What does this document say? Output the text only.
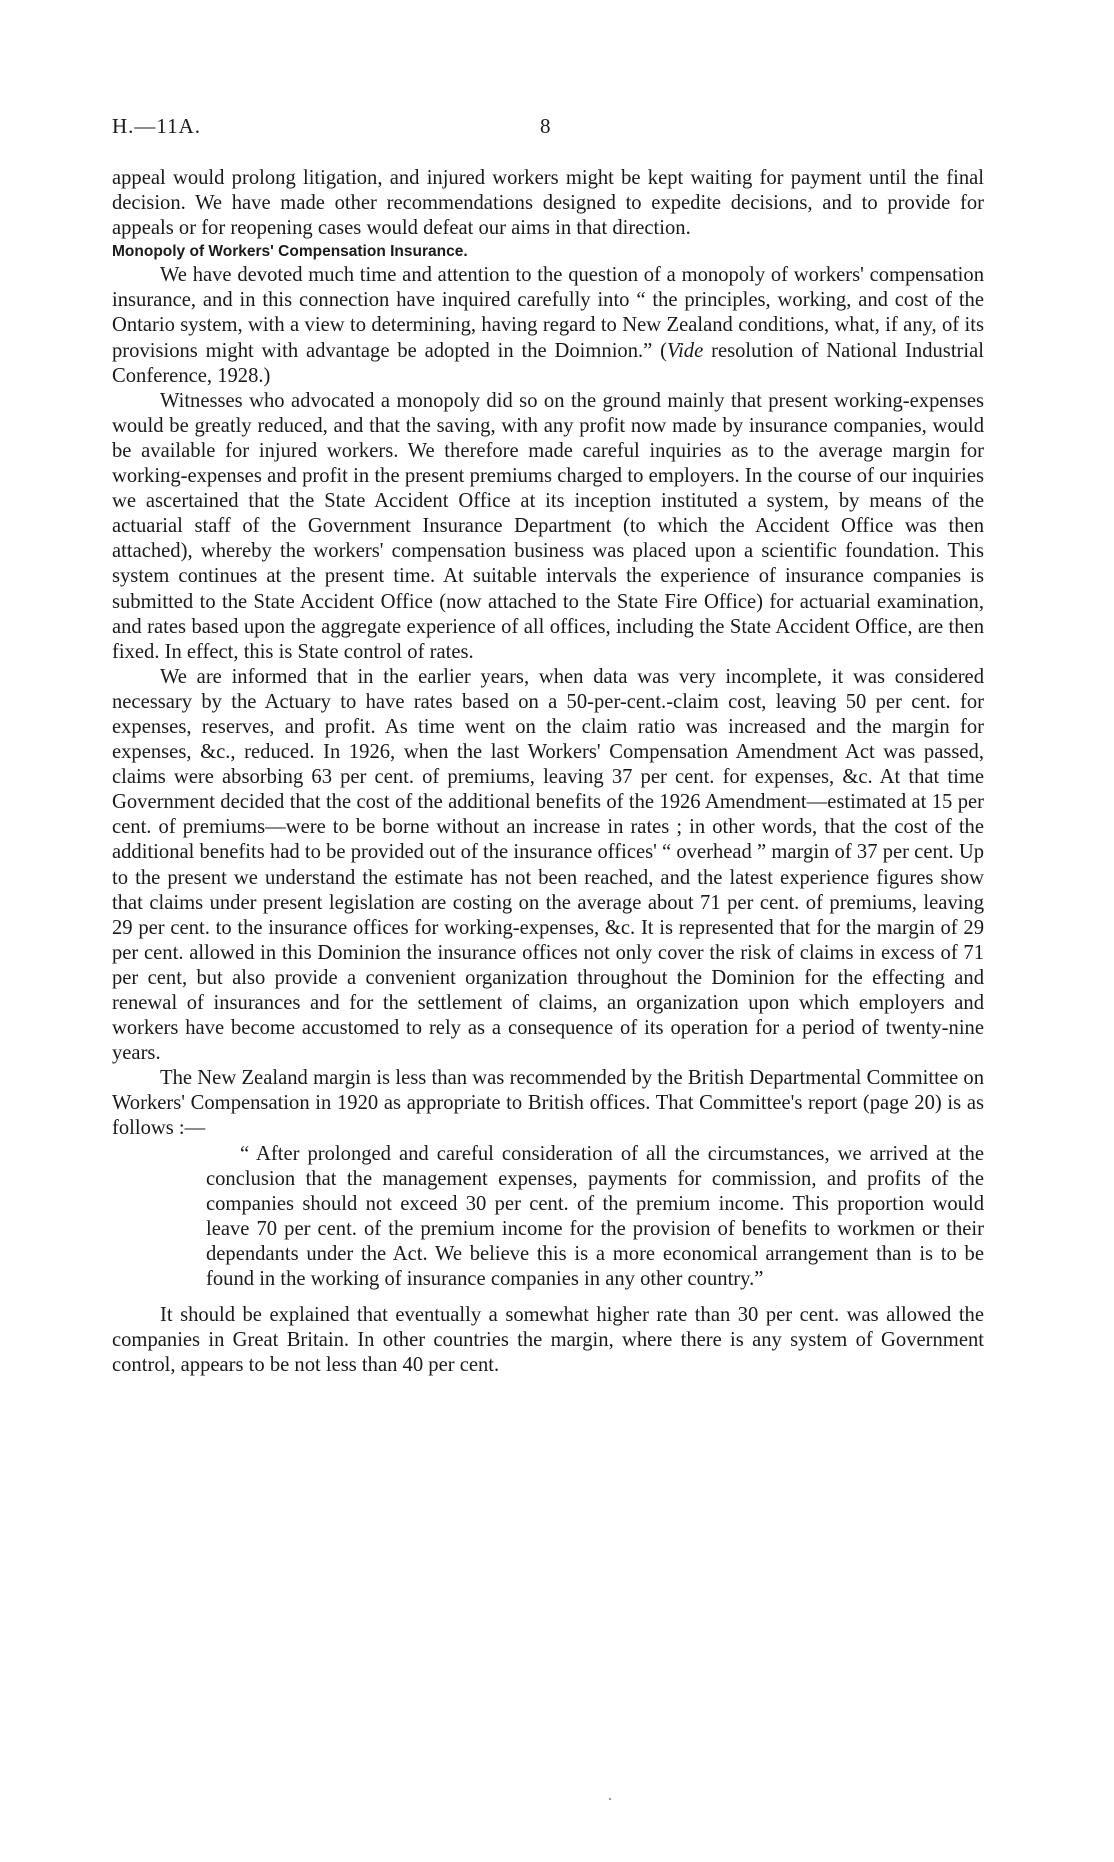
H.—11A.	8

appeal would prolong litigation, and injured workers might be kept waiting for payment until the final decision. We have made other recommendations designed to expedite decisions, and to provide for appeals or for reopening cases would defeat our aims in that direction.

Monopoly of Workers' Compensation Insurance.

We have devoted much time and attention to the question of a monopoly of workers' compensation insurance, and in this connection have inquired carefully into “ the principles, working, and cost of the Ontario system, with a view to determining, having regard to New Zealand conditions, what, if any, of its provisions might with advantage be adopted in the Doimnion.” (Vide resolution of National Industrial Conference, 1928.)

Witnesses who advocated a monopoly did so on the ground mainly that present working-expenses would be greatly reduced, and that the saving, with any profit now made by insurance companies, would be available for injured workers. We therefore made careful inquiries as to the average margin for working-expenses and profit in the present premiums charged to employers. In the course of our inquiries we ascertained that the State Accident Office at its inception instituted a system, by means of the actuarial staff of the Government Insurance Department (to which the Accident Office was then attached), whereby the workers' compensation business was placed upon a scientific foundation. This system continues at the present time. At suitable intervals the experience of insurance companies is submitted to the State Accident Office (now attached to the State Fire Office) for actuarial examination, and rates based upon the aggregate experience of all offices, including the State Accident Office, are then fixed. In effect, this is State control of rates.

We are informed that in the earlier years, when data was very incomplete, it was considered necessary by the Actuary to have rates based on a 50-per-cent.-claim cost, leaving 50 per cent. for expenses, reserves, and profit. As time went on the claim ratio was increased and the margin for expenses, &c., reduced. In 1926, when the last Workers' Compensation Amendment Act was passed, claims were absorbing 63 per cent. of premiums, leaving 37 per cent. for expenses, &c. At that time Government decided that the cost of the additional benefits of the 1926 Amendment—estimated at 15 per cent. of premiums—were to be borne without an increase in rates ; in other words, that the cost of the additional benefits had to be provided out of the insurance offices' “ overhead ” margin of 37 per cent. Up to the present we understand the estimate has not been reached, and the latest experience figures show that claims under present legislation are costing on the average about 71 per cent. of premiums, leaving 29 per cent. to the insurance offices for working-expenses, &c. It is represented that for the margin of 29 per cent. allowed in this Dominion the insurance offices not only cover the risk of claims in excess of 71 per cent, but also provide a convenient organization throughout the Dominion for the effecting and renewal of insurances and for the settlement of claims, an organization upon which employers and workers have become accustomed to rely as a consequence of its operation for a period of twenty-nine years.

The New Zealand margin is less than was recommended by the British Departmental Committee on Workers' Compensation in 1920 as appropriate to British offices. That Committee's report (page 20) is as follows :—

“ After prolonged and careful consideration of all the circumstances, we arrived at the conclusion that the management expenses, payments for commission, and profits of the companies should not exceed 30 per cent. of the premium income. This proportion would leave 70 per cent. of the premium income for the provision of benefits to workmen or their dependants under the Act. We believe this is a more economical arrangement than is to be found in the working of insurance companies in any other country.”

It should be explained that eventually a somewhat higher rate than 30 per cent. was allowed the companies in Great Britain. In other countries the margin, where there is any system of Government control, appears to be not less than 40 per cent.
